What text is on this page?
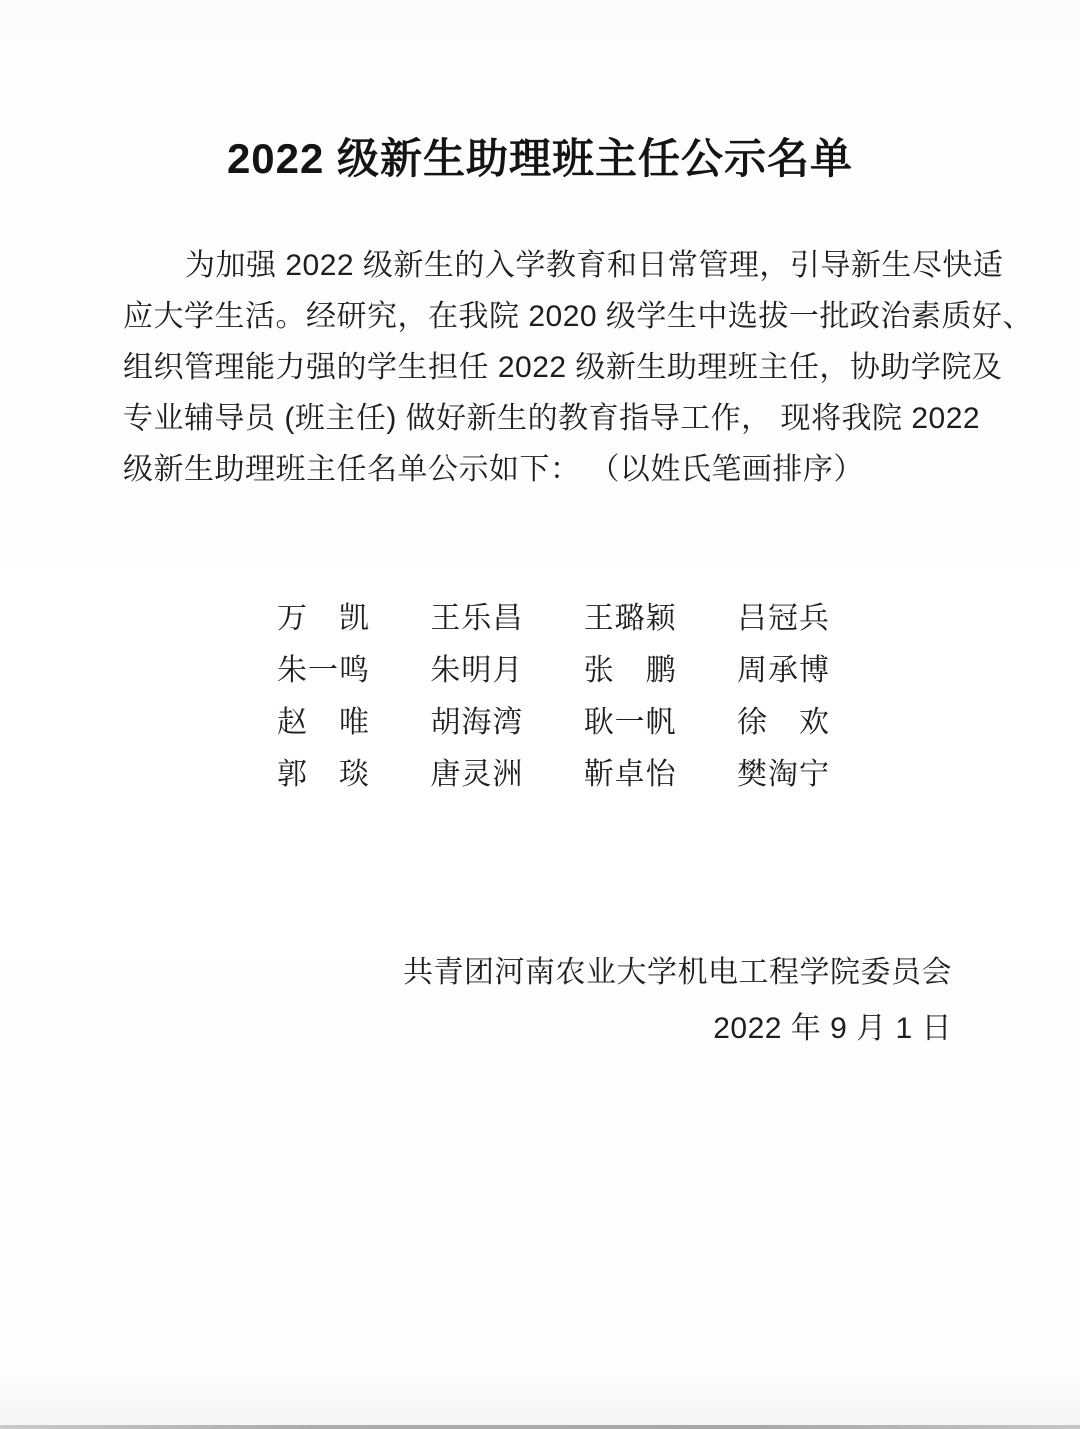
2022 级新生助理班主任公示名单
为加强 2022 级新生的入学教育和日常管理，引导新生尽快适
应大学生活。经研究，在我院 2020 级学生中选拔一批政治素质好、
组织管理能力强的学生担任 2022 级新生助理班主任，协助学院及
专业辅导员 (班主任) 做好新生的教育指导工作， 现将我院 2022
级新生助理班主任名单公示如下： （以姓氏笔画排序）
万　凯 王乐昌 王璐颖 吕冠兵
朱一鸣 朱明月 张　鹏 周承博
赵　唯 胡海湾 耿一帆 徐　欢
郭　琰 唐灵洲 靳卓怡 樊淘宁
共青团河南农业大学机电工程学院委员会
2022 年 9 月 1 日
